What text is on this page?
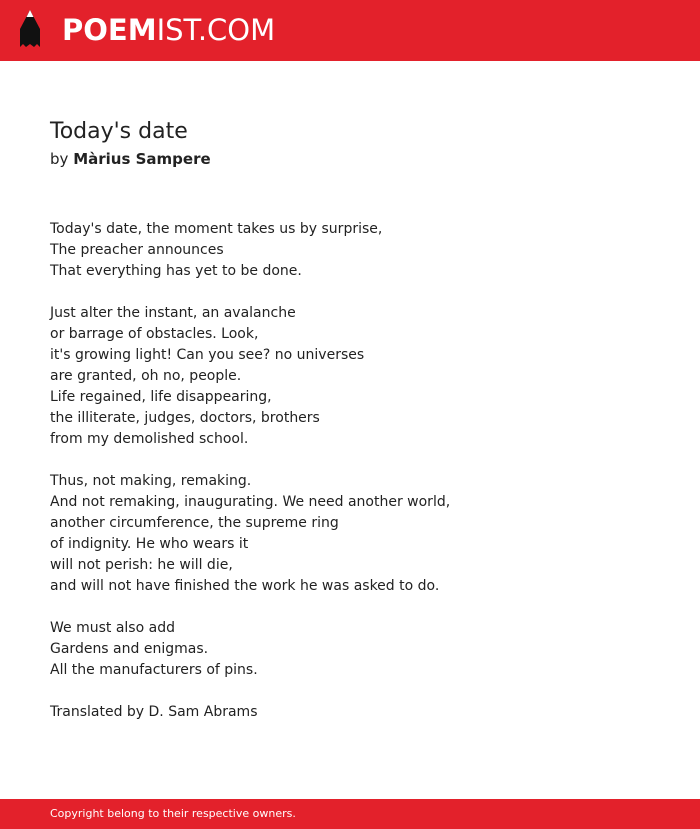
POEMIST.COM
Today's date
by Màrius Sampere
Today's date, the moment takes us by surprise,
The preacher announces
That everything has yet to be done.
Just alter the instant, an avalanche
or barrage of obstacles. Look,
it's growing light! Can you see? no universes
are granted, oh no, people.
Life regained, life disappearing,
the illiterate, judges, doctors, brothers
from my demolished school.
Thus, not making, remaking.
And not remaking, inaugurating. We need another world,
another circumference, the supreme ring
of indignity. He who wears it
will not perish: he will die,
and will not have finished the work he was asked to do.
We must also add
Gardens and enigmas.
All the manufacturers of pins.
Translated by D. Sam Abrams
Copyright belong to their respective owners.
